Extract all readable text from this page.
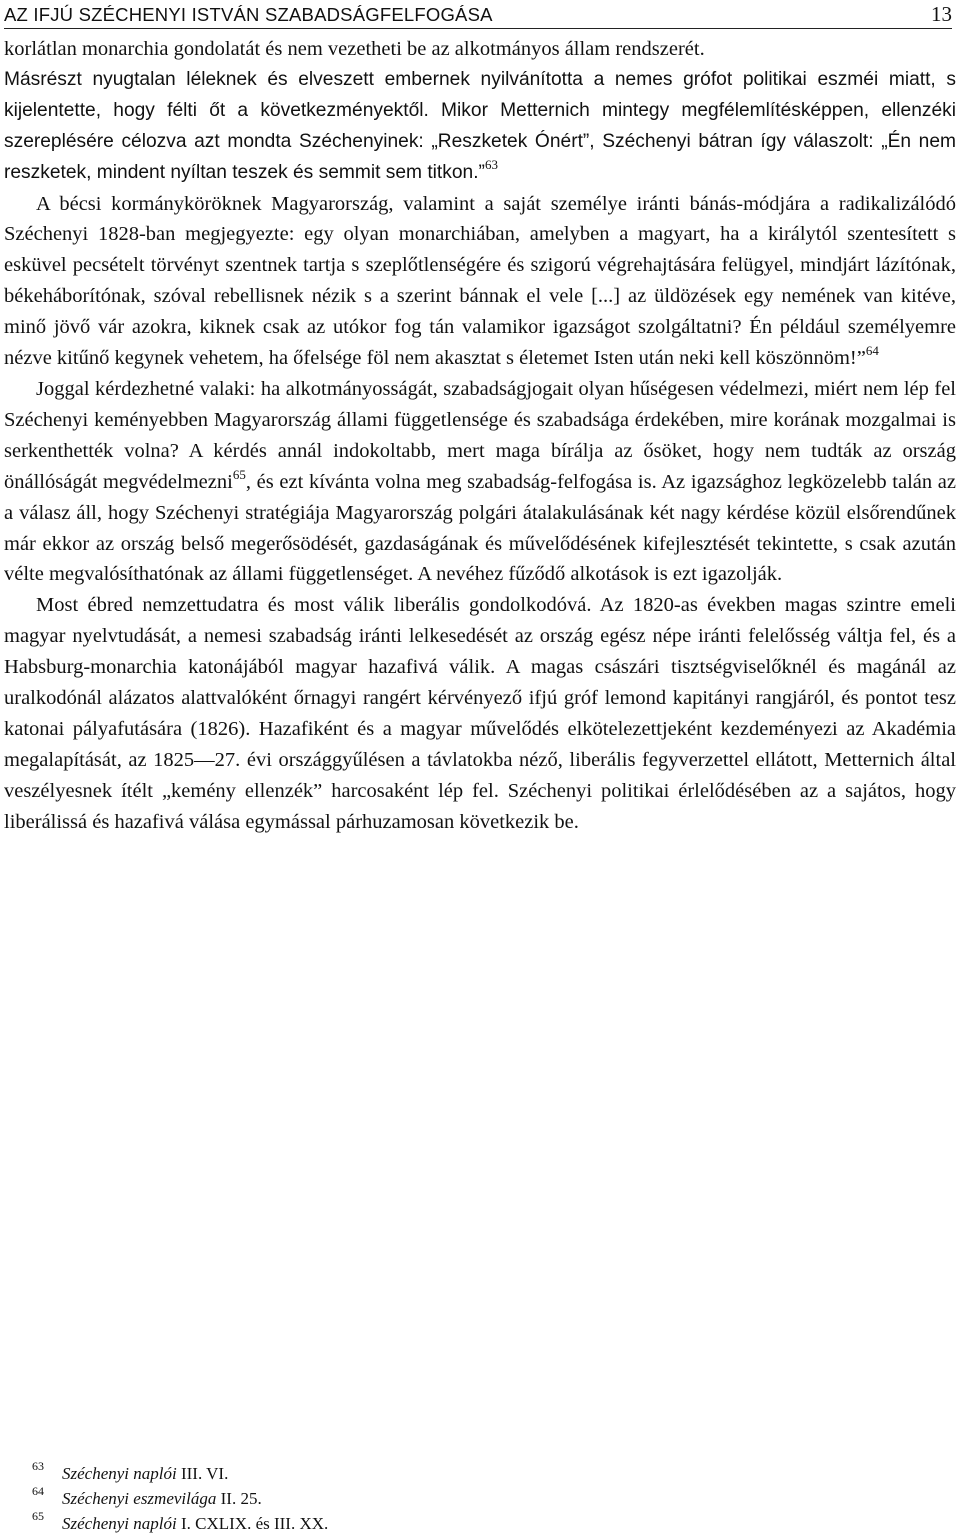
AZ IFJÚ SZÉCHENYI ISTVÁN SZABADSÁGFELFOGÁSA	13

korlátlan monarchia gondolatát és nem vezetheti be az alkotmányos állam rendszerét.

Másrészt nyugtalan léleknek és elveszett embernek nyilvánította a nemes grófot politikai eszméi miatt, s kijelentette, hogy félti őt a következményektől. Mikor Metternich mintegy megfélemlítésképpen, ellenzéki szereplésére célozva azt mondta Széchenyinek: „Reszketek Ónért”, Széchenyi bátran így válaszolt: „Én nem reszketek, mindent nyíltan teszek és semmit sem titkon.”$^{63}$

A bécsi kormányköröknek Magyarország, valamint a saját személye iránti bánás-módjára a radikalizálódó Széchenyi 1828-ban megjegyezte: egy olyan monarchiában, amelyben a magyart, ha a királytól szentesített s esküvel pecsételt törvényt szentnek tartja s szeplőtlenségére és szigorú végrehajtására felügyel, mindjárt lázítónak, békeháborítónak, szóval rebellisnek nézik s a szerint bánnak el vele [...] az üldözések egy nemének van kitéve, minő jövő vár azokra, kiknek csak az utókor fog tán valamikor igazságot szolgáltatni? Én például személyemre nézve kitűnő kegynek vehetem, ha őfelsége föl nem akasztat s életemet Isten után neki kell köszönnöm!”$^{64}$

Joggal kérdezhetné valaki: ha alkotmányosságát, szabadságjogait olyan hűségesen védelmezi, miért nem lép fel Széchenyi keményebben Magyarország állami függetlensége és szabadsága érdekében, mire korának mozgalmai is serkenthették volna? A kérdés annál indokoltabb, mert maga bírálja az ősöket, hogy nem tudták az ország önállóságát megvédelmezni$^{65}$, és ezt kívánta volna meg szabadság-felfogása is. Az igazsághoz legközelebb talán az a válasz áll, hogy Széchenyi stratégiája Magyarország polgári átalakulásának két nagy kérdése közül elsőrendűnek már ekkor az ország belső megerősödését, gazdaságának és művelődésének kifejlesztését tekintette, s csak azután vélte megvalósíthatónak az állami függetlenséget. A nevéhez fűződő alkotások is ezt igazolják.

Most ébred nemzettudatra és most válik liberális gondolkodóvá. Az 1820-as években magas szintre emeli magyar nyelvtudását, a nemesi szabadság iránti lelkesedését az ország egész népe iránti felelősség váltja fel, és a Habsburg-monarchia katonájából magyar hazafivá válik. A magas császári tisztségviselőknél és magánál az uralkodónál alázatos alattvalóként őrnagyi rangért kérvényező ifjú gróf lemond kapitányi rangjáról, és pontot tesz katonai pályafutására (1826). Hazafiként és a magyar művelődés elkötelezettjeként kezdeményezi az Akadémia megalapítását, az 1825—27. évi országgyűlésen a távlatokba néző, liberális fegyverzettel ellátott, Metternich által veszélyesnek ítélt „kemény ellenzék” harcosaként lép fel. Széchenyi politikai érlelődésében az a sajátos, hogy liberálissá és hazafivá válása egymással párhuzamosan következik be.

63 Széchenyi naplói III. VI.
64 Széchenyi eszmevilága II. 25.
65 Széchenyi naplói I. CXLIX. és III. XX.
